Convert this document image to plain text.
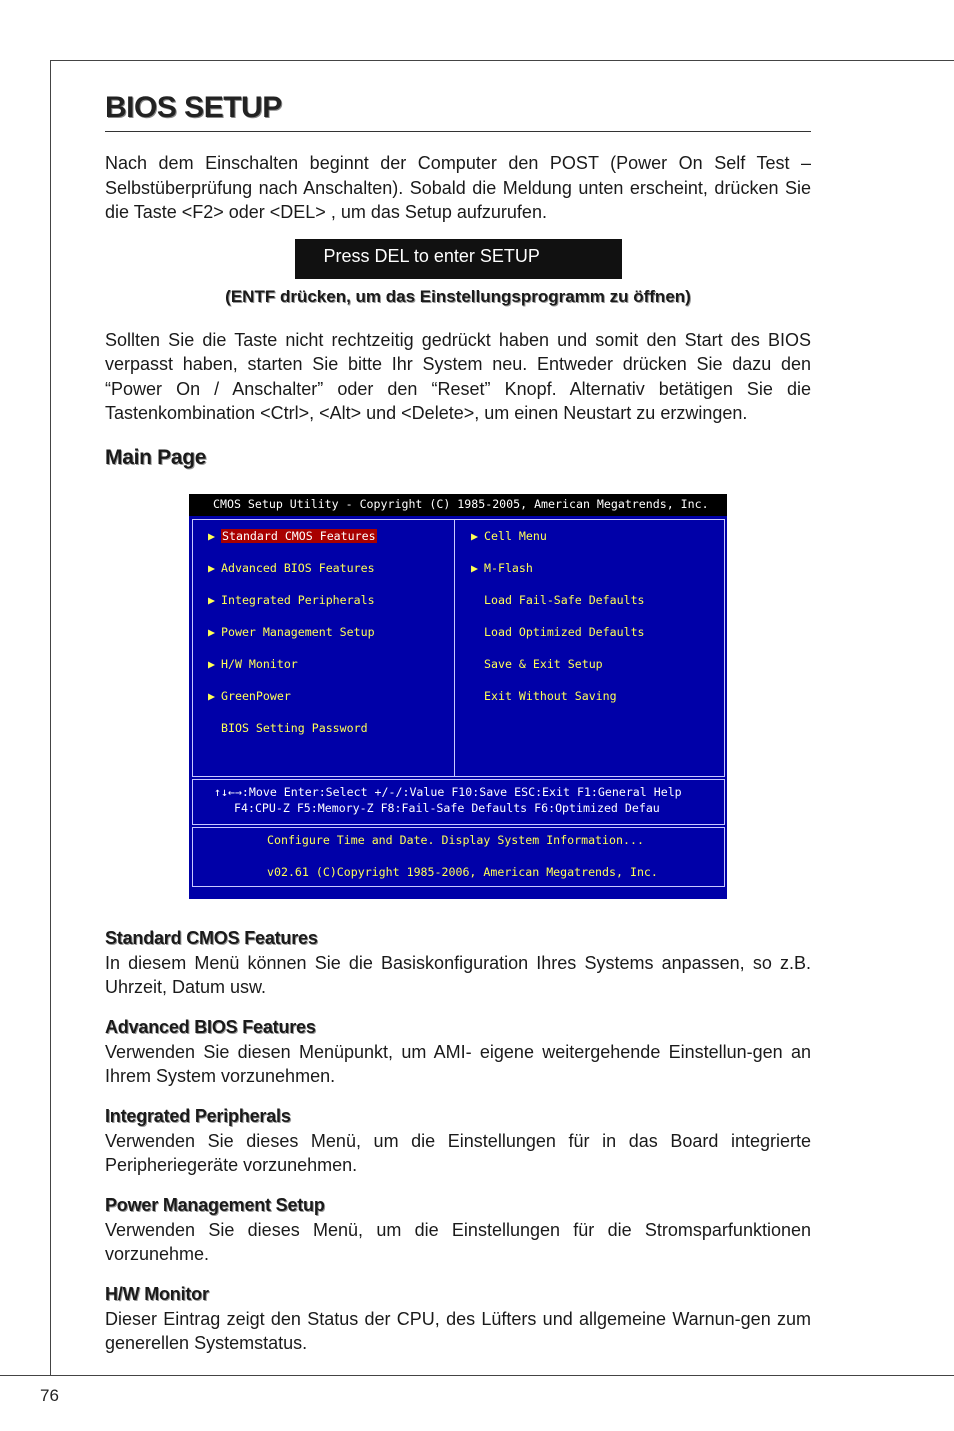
76
BIOS SETUP

Nach dem Einschalten beginnt der Computer den POST (Power On Self Test – Selbstüberprüfung nach Anschalten). Sobald die Meldung unten erscheint, drücken Sie die Taste <F2> oder <DEL> , um das Setup aufzurufen.

Press DEL to enter SETUP
(ENTF drücken, um das Einstellungsprogramm zu öffnen)

Sollten Sie die Taste nicht rechtzeitig gedrückt haben und somit den Start des BIOS verpasst haben, starten Sie bitte Ihr System neu. Entweder drücken Sie dazu den “Power On / Anschalter” oder den “Reset” Knopf. Alternativ betätigen Sie die Tastenkombination <Ctrl>, <Alt> und <Delete>, um einen Neustart zu erzwingen.

Main Page
CMOS Setup Utility - Copyright (C) 1985-2005, American Megatrends, Inc.
▶ Standard CMOS Features
▶ Advanced BIOS Features
▶ Integrated Peripherals
▶ Power Management Setup
▶ H/W Monitor
▶ GreenPower
BIOS Setting Password
▶ Cell Menu
▶ M-Flash
Load Fail-Safe Defaults
Load Optimized Defaults
Save & Exit Setup
Exit Without Saving
↑↓←→:Move Enter:Select +/-/:Value F10:Save ESC:Exit F1:General Help
F4:CPU-Z F5:Memory-Z F8:Fail-Safe Defaults F6:Optimized Defau
Configure Time and Date. Display System Information...
v02.61 (C)Copyright 1985-2006, American Megatrends, Inc.
Standard CMOS Features

In diesem Menü können Sie die Basiskonfiguration Ihres Systems anpassen, so z.B. Uhrzeit, Datum usw.

Advanced BIOS Features

Verwenden Sie diesen Menüpunkt, um AMI- eigene weitergehende Einstellun-gen an Ihrem System vorzunehmen.

Integrated Peripherals

Verwenden Sie dieses Menü, um die Einstellungen für in das Board integrierte Peripheriegeräte vorzunehmen.

Power Management Setup

Verwenden Sie dieses Menü, um die Einstellungen für die Stromsparfunktionen vorzunehme.

H/W Monitor

Dieser Eintrag zeigt den Status der CPU, des Lüfters und allgemeine Warnun-gen zum generellen Systemstatus.
